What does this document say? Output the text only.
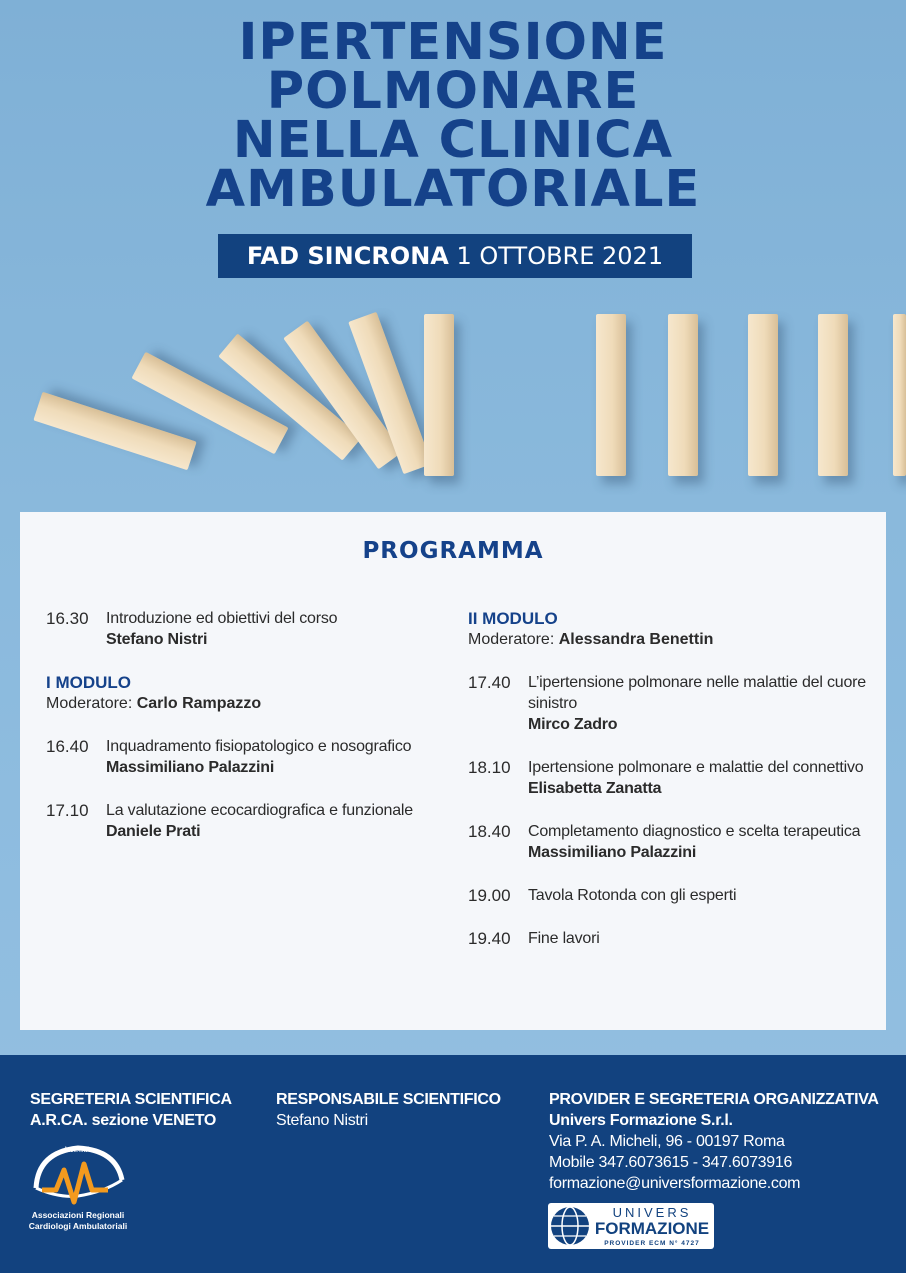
IPERTENSIONE
POLMONARE
NELLA CLINICA
AMBULATORIALE
FAD SINCRONA 1 OTTOBRE 2021
PROGRAMMA
16.30 Introduzione ed obiettivi del corso
Stefano Nistri
I MODULO
Moderatore: Carlo Rampazzo
16.40 Inquadramento fisiopatologico e nosografico
Massimiliano Palazzini
17.10 La valutazione ecocardiografica e funzionale
Daniele Prati
II MODULO
Moderatore: Alessandra Benettin
17.40 L’ipertensione polmonare nelle malattie del cuore sinistro
Mirco Zadro
18.10 Ipertensione polmonare e malattie del connettivo
Elisabetta Zanatta
18.40 Completamento diagnostico e scelta terapeutica
Massimiliano Palazzini
19.00 Tavola Rotonda con gli esperti
19.40 Fine lavori
SEGRETERIA SCIENTIFICA
A.R.CA. sezione VENETO
RESPONSABILE SCIENTIFICO
Stefano Nistri
PROVIDER E SEGRETERIA ORGANIZZATIVA
Univers Formazione S.r.l.
Via P. A. Micheli, 96 - 00197 Roma
Mobile 347.6073615 - 347.6073916
formazione@universformazione.com
A.R.C.A.
Associazioni Regionali
Cardiologi Ambulatoriali
UNIVERS
FORMAZIONE
PROVIDER ECM N° 4727
